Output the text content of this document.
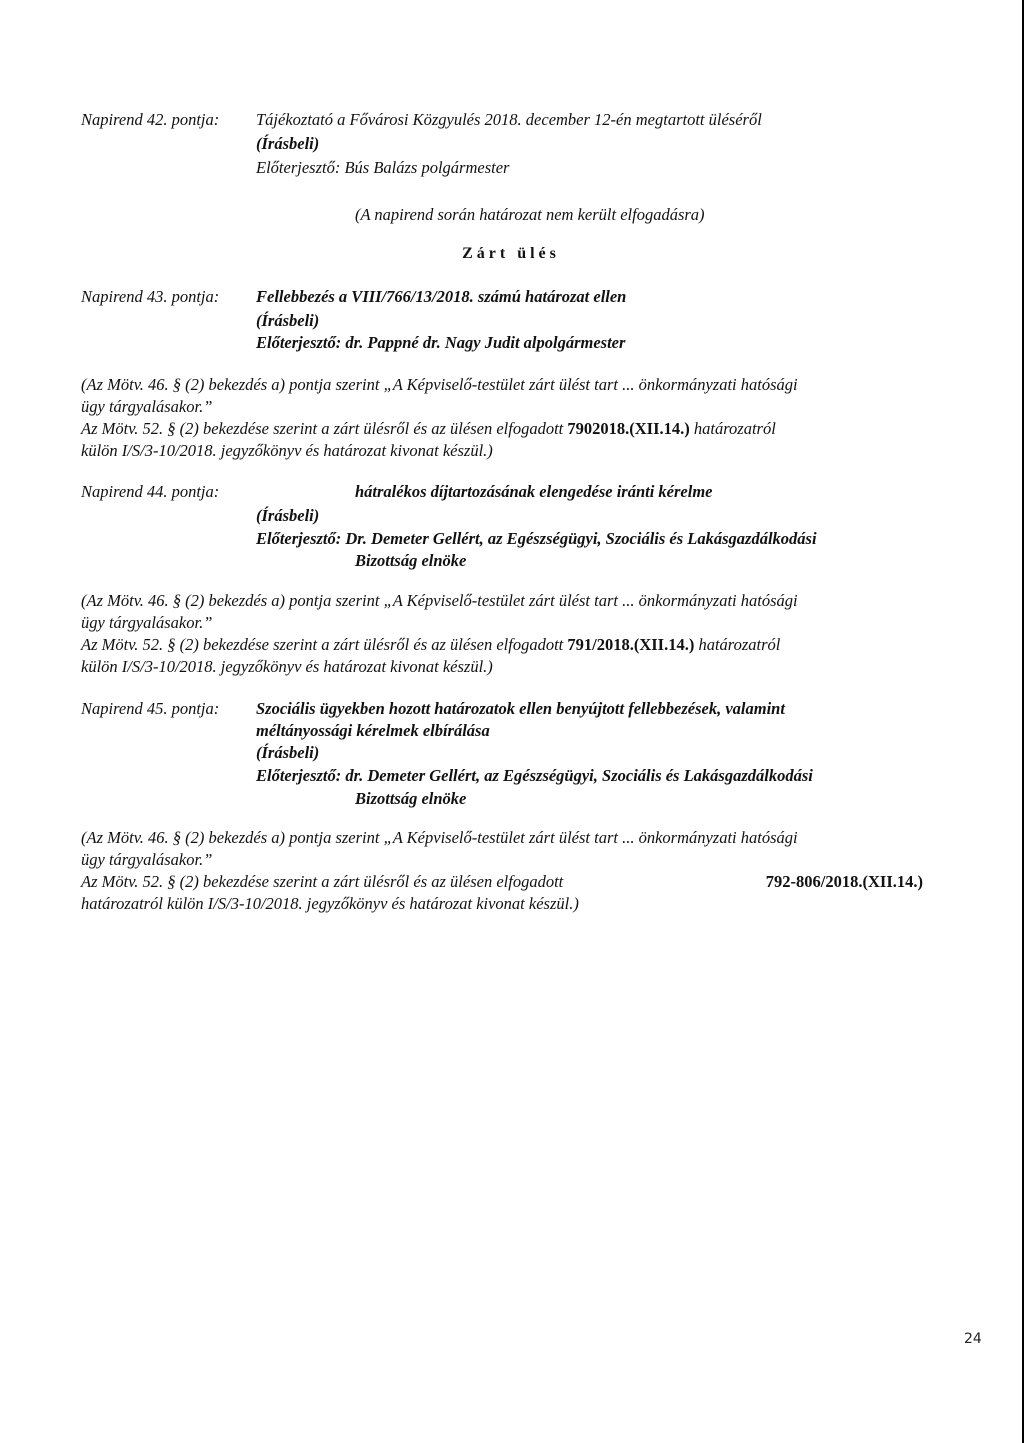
Napirend 42. pontja: Tájékoztató a Fővárosi Közgyulés 2018. december 12-én megtartott üléséről
(Írásbeli)
Előterjesztő: Bús Balázs polgármester
(A napirend során határozat nem került elfogadásra)
Zárt ülés
Napirend 43. pontja: Fellebbezés a VIII/766/13/2018. számú határozat ellen
(Írásbeli)
Előterjesztő: dr. Pappné dr. Nagy Judit alpolgármester
(Az Mötv. 46. § (2) bekezdés a) pontja szerint „A Képviselő-testület zárt ülést tart ... önkormányzati hatósági
ügy tárgyalásakor.”
Az Mötv. 52. § (2) bekezdése szerint a zárt ülésről és az ülésen elfogadott 7902018.(XII.14.) határozatról
külön I/S/3-10/2018. jegyzőkönyv és határozat kivonat készül.)
Napirend 44. pontja:	hátralékos díjtartozásának elengedése iránti kérelme
(Írásbeli)
Előterjesztő: Dr. Demeter Gellért, az Egészségügyi, Szociális és Lakásgazdálkodási
Bizottság elnöke
(Az Mötv. 46. § (2) bekezdés a) pontja szerint „A Képviselő-testület zárt ülést tart ... önkormányzati hatósági
ügy tárgyalásakor.”
Az Mötv. 52. § (2) bekezdése szerint a zárt ülésről és az ülésen elfogadott 791/2018.(XII.14.) határozatról
külön I/S/3-10/2018. jegyzőkönyv és határozat kivonat készül.)
Napirend 45. pontja: Szociális ügyekben hozott határozatok ellen benyújtott fellebbezések, valamint
méltányossági kérelmek elbírálása
(Írásbeli)
Előterjesztő: dr. Demeter Gellért, az Egészségügyi, Szociális és Lakásgazdálkodási
Bizottság elnöke
(Az Mötv. 46. § (2) bekezdés a) pontja szerint „A Képviselő-testület zárt ülést tart ... önkormányzati hatósági
ügy tárgyalásakor.”
Az Mötv. 52. § (2) bekezdése szerint a zárt ülésről és az ülésen elfogadott	792-806/2018.(XII.14.)
határozatról külön I/S/3-10/2018. jegyzőkönyv és határozat kivonat készül.)
24
